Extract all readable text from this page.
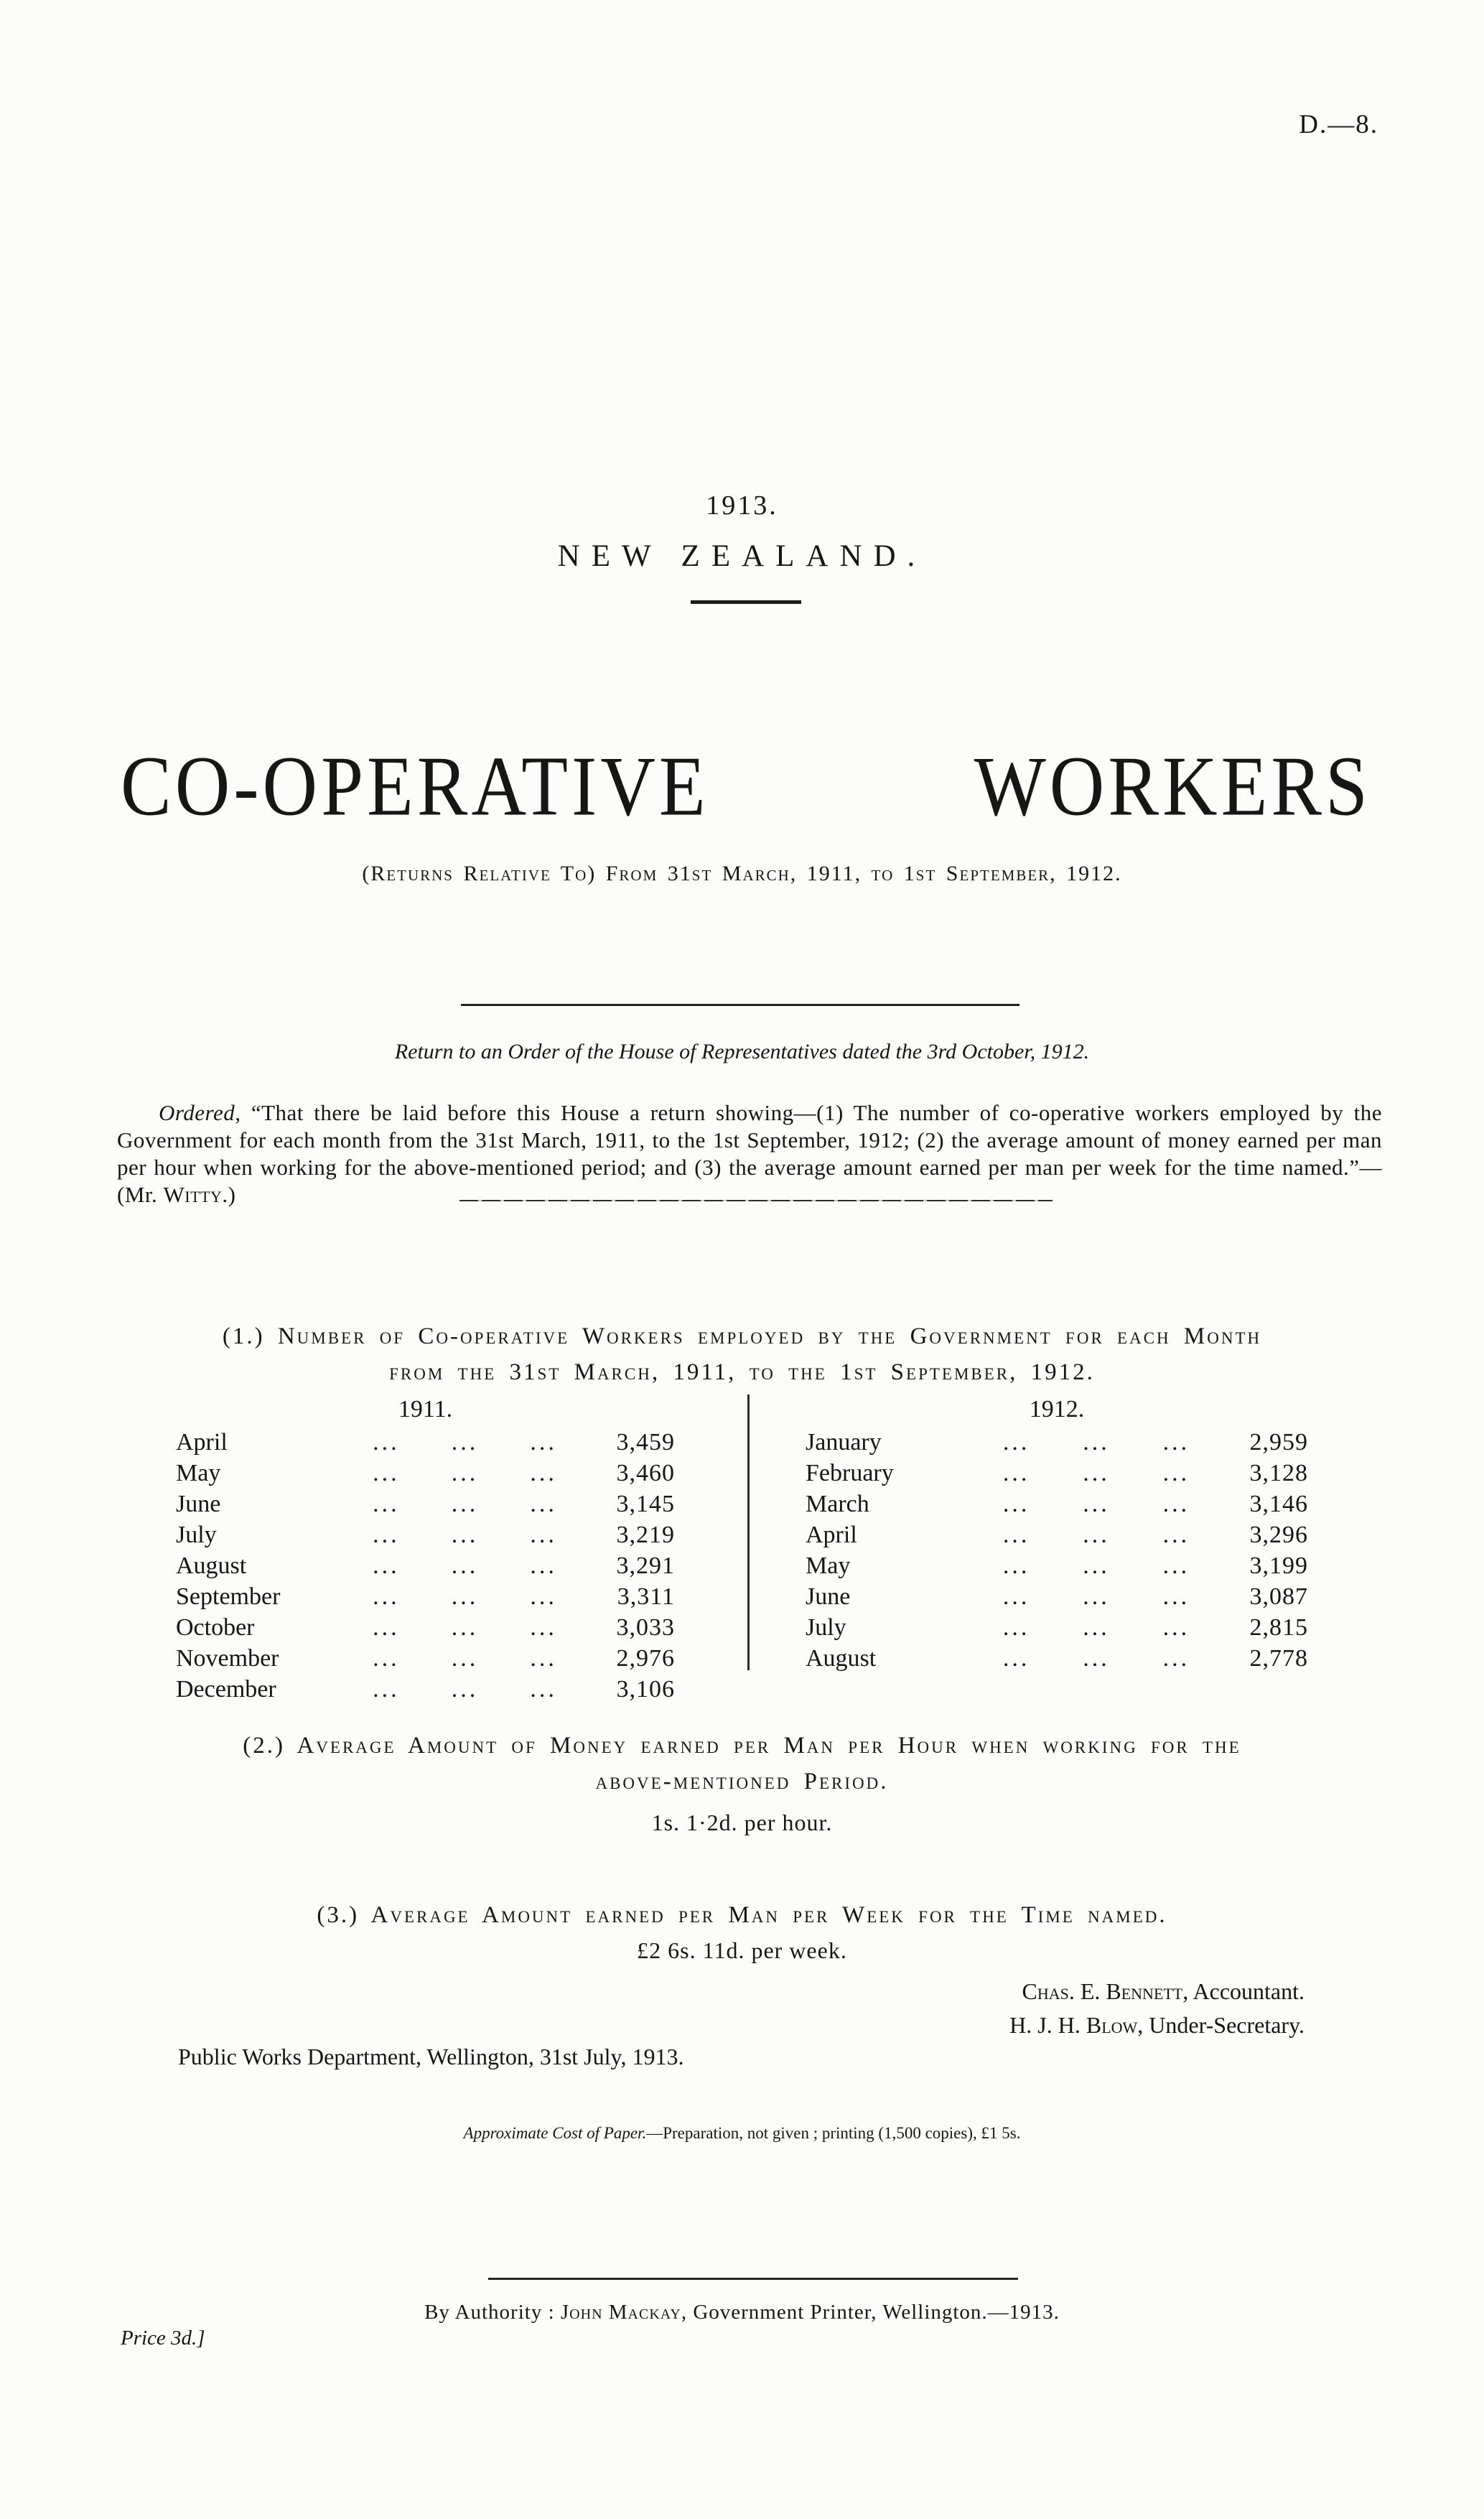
D.—8.
1913.
NEW ZEALAND.
CO-OPERATIVE	WORKERS
(Returns Relative To) From 31st March, 1911, to 1st September, 1912.
Return to an Order of the House of Representatives dated the 3rd October, 1912.

Ordered, “That there be laid before this House a return showing—(1) The number of co-operative workers employed by the Government for each month from the 31st March, 1911, to the 1st September, 1912; (2) the average amount of money earned per man per hour when working for the above-mentioned period; and (3) the average amount earned per man per week for the time named.”—(Mr. Witty.)

(1.) Number of Co-operative Workers employed by the Government for each Month
from the 31st March, 1911, to the 1st September, 1912.
1911.	1912.
April	...	...	...	3,459
May	...	...	...	3,460
June	...	...	...	3,145
July	...	...	...	3,219
August	...	...	...	3,291
September	...	...	...	3,311
October	...	...	...	3,033
November	...	...	...	2,976
December	...	...	...	3,106
January	...	...	...	2,959
February	...	...	...	3,128
March	...	...	...	3,146
April	...	...	...	3,296
May	...	...	...	3,199
June	...	...	...	3,087
July	...	...	...	2,815
August	...	...	...	2,778
(2.) Average Amount of Money earned per Man per Hour when working for the
above-mentioned Period.
1s. 1·2d. per hour.
(3.) Average Amount earned per Man per Week for the Time named.
£2 6s. 11d. per week.
Chas. E. Bennett, Accountant.
H. J. H. Blow, Under-Secretary.
Public Works Department, Wellington, 31st July, 1913.
Approximate Cost of Paper.—Preparation, not given ; printing (1,500 copies), £1 5s.
By Authority : John Mackay, Government Printer, Wellington.—1913.
Price 3d.]
